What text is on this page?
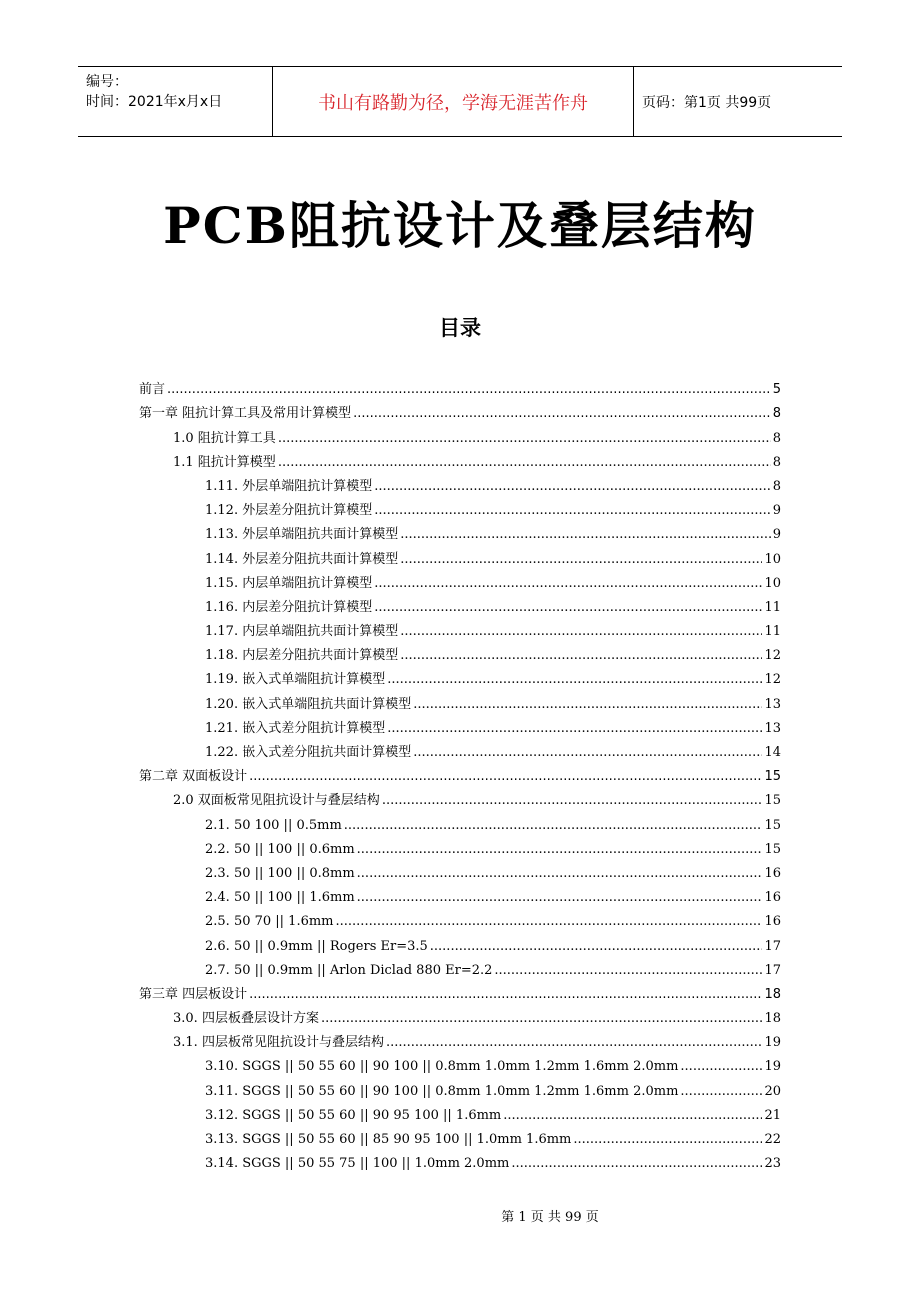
编号：
时间：2021年x月x日	书山有路勤为径，学海无涯苦作舟	页码：第1页 共99页
PCB阻抗设计及叠层结构
目录
前言 .....	5
第一章 阻抗计算工具及常用计算模型 .....	8
1.0 阻抗计算工具 .....	8
1.1 阻抗计算模型 .....	8
1.11. 外层单端阻抗计算模型 .....	8
1.12. 外层差分阻抗计算模型 .....	9
1.13. 外层单端阻抗共面计算模型 .....	9
1.14. 外层差分阻抗共面计算模型 .....	10
1.15. 内层单端阻抗计算模型 .....	10
1.16. 内层差分阻抗计算模型 .....	11
1.17. 内层单端阻抗共面计算模型 .....	11
1.18. 内层差分阻抗共面计算模型 .....	12
1.19. 嵌入式单端阻抗计算模型 .....	12
1.20. 嵌入式单端阻抗共面计算模型 .....	13
1.21. 嵌入式差分阻抗计算模型 .....	13
1.22. 嵌入式差分阻抗共面计算模型 .....	14
第二章 双面板设计 .....	15
2.0 双面板常见阻抗设计与叠层结构 .....	15
2.1. 50 100 || 0.5mm .....	15
2.2. 50 || 100 || 0.6mm .....	15
2.3. 50 || 100 || 0.8mm .....	16
2.4. 50 || 100 || 1.6mm .....	16
2.5. 50 70 || 1.6mm .....	16
2.6. 50 || 0.9mm || Rogers Er=3.5 .....	17
2.7. 50 || 0.9mm || Arlon Diclad 880 Er=2.2 .....	17
第三章 四层板设计 .....	18
3.0. 四层板叠层设计方案 .....	18
3.1. 四层板常见阻抗设计与叠层结构 .....	19
3.10. SGGS || 50 55 60 || 90 100 || 0.8mm 1.0mm 1.2mm 1.6mm 2.0mm .....	19
3.11. SGGS || 50 55 60 || 90 100 || 0.8mm 1.0mm 1.2mm 1.6mm 2.0mm .....	20
3.12. SGGS || 50 55 60 || 90 95 100 || 1.6mm .....	21
3.13. SGGS || 50 55 60 || 85 90 95 100 || 1.0mm 1.6mm .....	22
3.14. SGGS || 50 55 75 || 100 || 1.0mm 2.0mm .....	23
第 1 页 共 99 页
